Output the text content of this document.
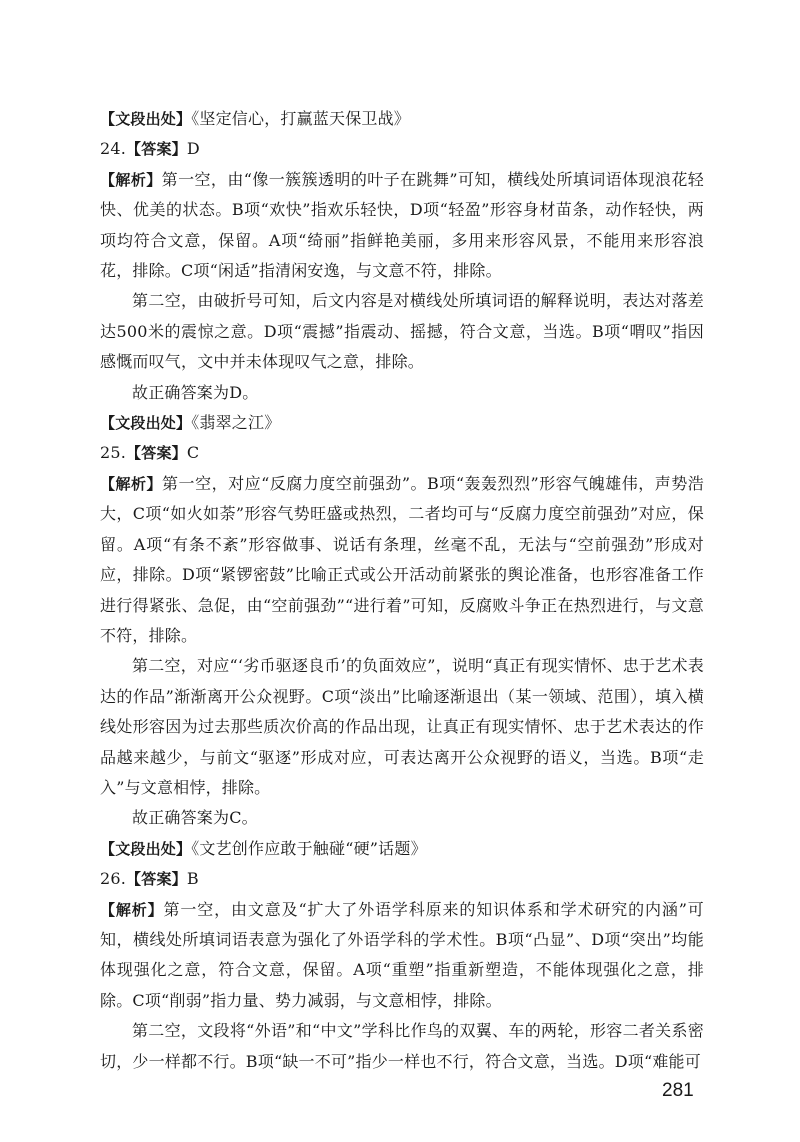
【文段出处】《坚定信心，打赢蓝天保卫战》

24.【答案】D

【解析】第一空，由“像一簇簇透明的叶子在跳舞”可知，横线处所填词语体现浪花轻快、优美的状态。B项“欢快”指欢乐轻快，D项“轻盈”形容身材苗条，动作轻快，两项均符合文意，保留。A项“绮丽”指鲜艳美丽，多用来形容风景，不能用来形容浪花，排除。C项“闲适”指清闲安逸，与文意不符，排除。

第二空，由破折号可知，后文内容是对横线处所填词语的解释说明，表达对落差达500米的震惊之意。D项“震撼”指震动、摇撼，符合文意，当选。B项“喟叹”指因感慨而叹气，文中并未体现叹气之意，排除。

故正确答案为D。

【文段出处】《翡翠之江》

25.【答案】C

【解析】第一空，对应“反腐力度空前强劲”。B项“轰轰烈烈”形容气魄雄伟，声势浩大，C项“如火如荼”形容气势旺盛或热烈，二者均可与“反腐力度空前强劲”对应，保留。A项“有条不紊”形容做事、说话有条理，丝毫不乱，无法与“空前强劲”形成对应，排除。D项“紧锣密鼓”比喻正式或公开活动前紧张的舆论准备，也形容准备工作进行得紧张、急促，由“空前强劲”“进行着”可知，反腐败斗争正在热烈进行，与文意不符，排除。

第二空，对应“‘劣币驱逐良币’的负面效应”，说明“真正有现实情怀、忠于艺术表达的作品”渐渐离开公众视野。C项“淡出”比喻逐渐退出（某一领域、范围），填入横线处形容因为过去那些质次价高的作品出现，让真正有现实情怀、忠于艺术表达的作品越来越少，与前文“驱逐”形成对应，可表达离开公众视野的语义，当选。B项“走入”与文意相悖，排除。

故正确答案为C。

【文段出处】《文艺创作应敢于触碰“硬”话题》

26.【答案】B

【解析】第一空，由文意及“扩大了外语学科原来的知识体系和学术研究的内涵”可知，横线处所填词语表意为强化了外语学科的学术性。B项“凸显”、D项“突出”均能体现强化之意，符合文意，保留。A项“重塑”指重新塑造，不能体现强化之意，排除。C项“削弱”指力量、势力减弱，与文意相悖，排除。

第二空，文段将“外语”和“中文”学科比作鸟的双翼、车的两轮，形容二者关系密切，少一样都不行。B项“缺一不可”指少一样也不行，符合文意，当选。D项“难能可

281
